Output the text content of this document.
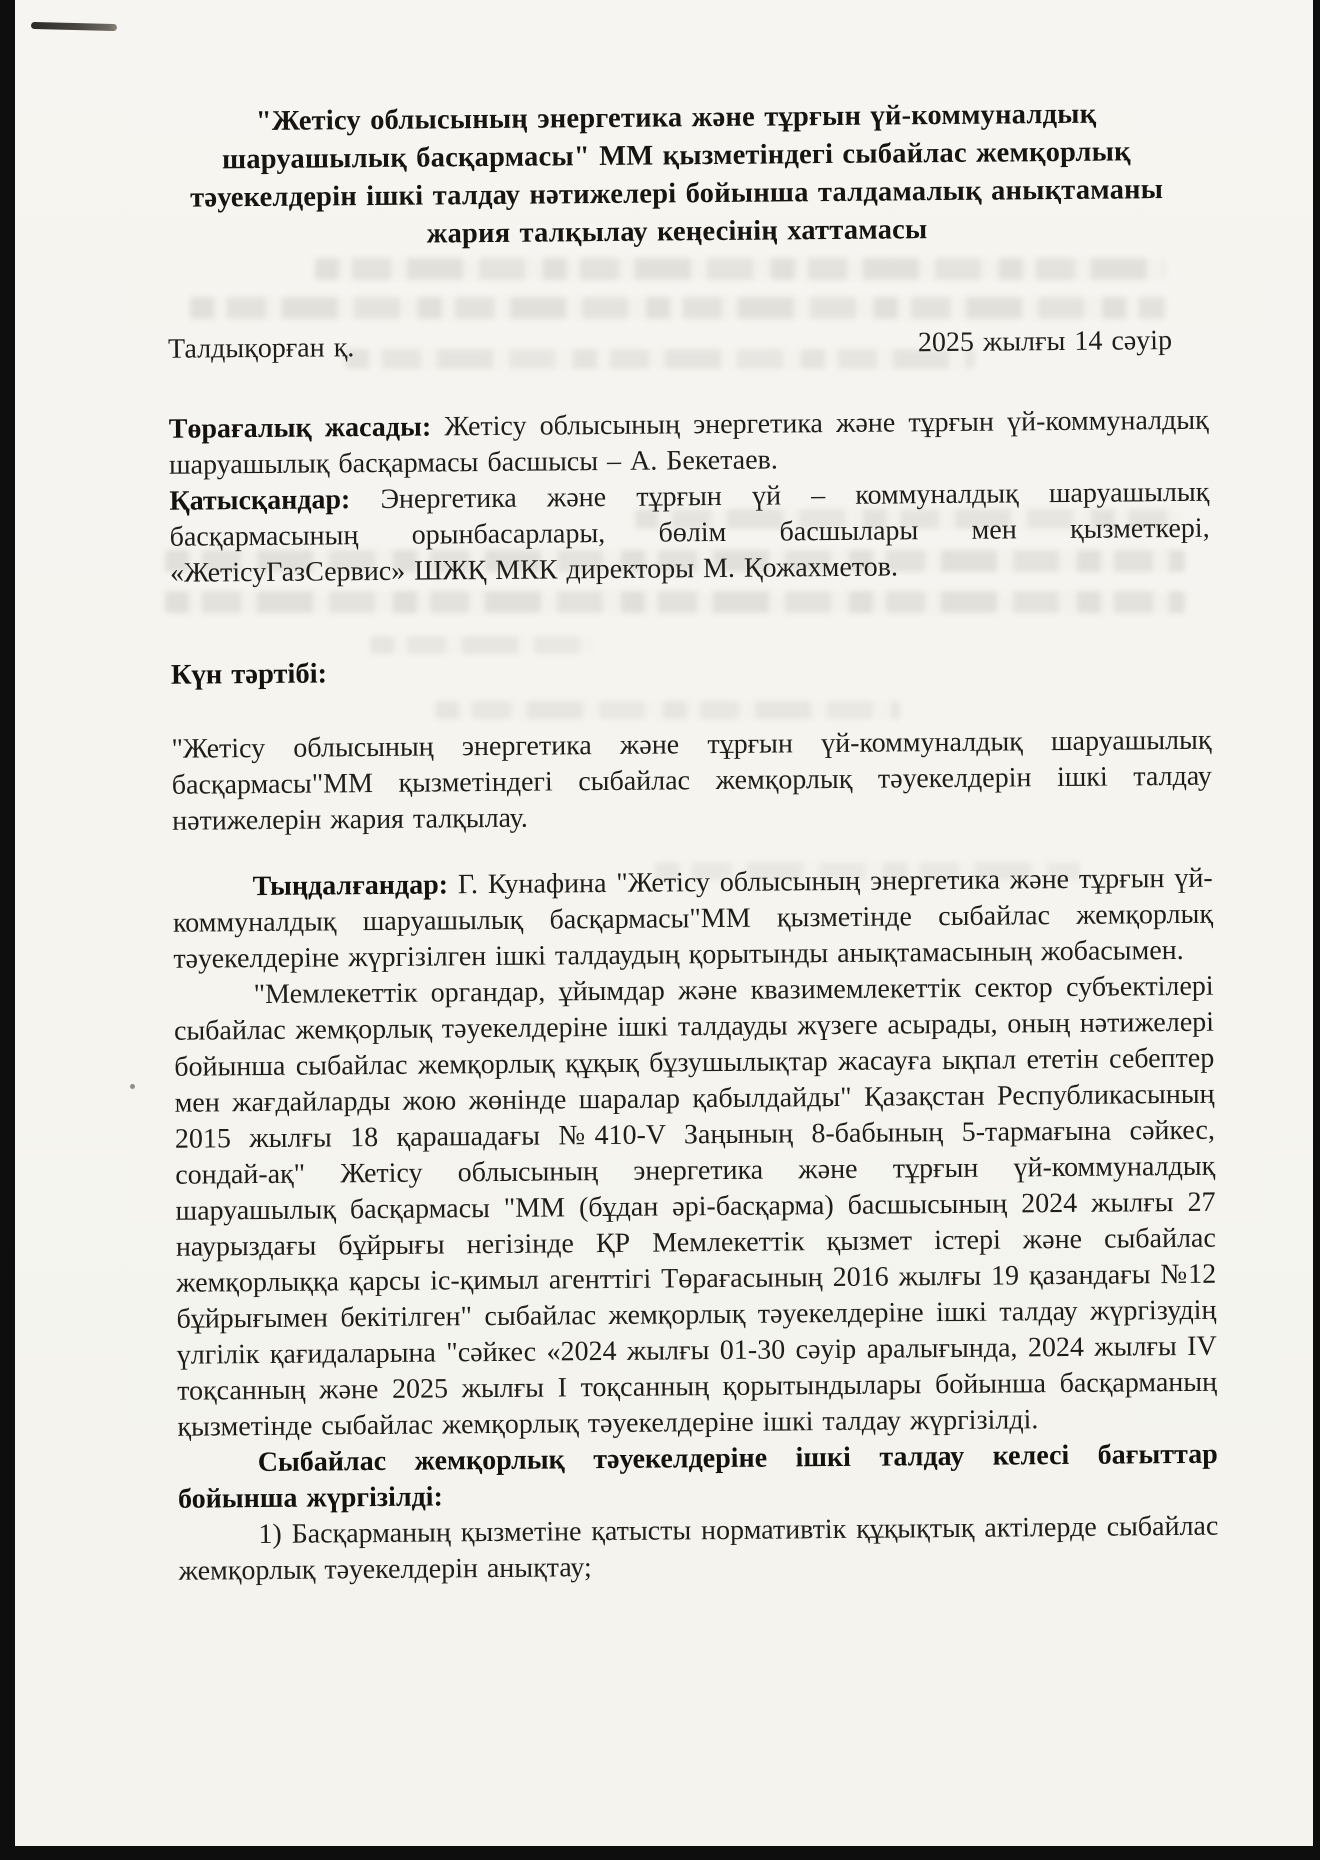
"Жетісу облысының энергетика және тұрғын үй-коммуналдық шаруашылық басқармасы" ММ қызметіндегі сыбайлас жемқорлық тәуекелдерін ішкі талдау нәтижелері бойынша талдамалық анықтаманы жария талқылау кеңесінің хаттамасы
Талдықорған қ.	2025 жылғы 14 сәуір

Төрағалық жасады: Жетісу облысының энергетика және тұрғын үй-коммуналдық шаруашылық басқармасы басшысы – А. Бекетаев.

Қатысқандар: Энергетика және тұрғын үй – коммуналдық шаруашылық басқармасының орынбасарлары, бөлім басшылары мен қызметкері, «ЖетісуГазСервис» ШЖҚ МКК директоры М. Қожахметов.

Күн тәртібі:

"Жетісу облысының энергетика және тұрғын үй-коммуналдық шаруашылық басқармасы"ММ қызметіндегі сыбайлас жемқорлық тәуекелдерін ішкі талдау нәтижелерін жария талқылау.

Тыңдалғандар: Г. Кунафина "Жетісу облысының энергетика және тұрғын үй-коммуналдық шаруашылық басқармасы"ММ қызметінде сыбайлас жемқорлық тәуекелдеріне жүргізілген ішкі талдаудың қорытынды анықтамасының жобасымен.

"Мемлекеттік органдар, ұйымдар және квазимемлекеттік сектор субъектілері сыбайлас жемқорлық тәуекелдеріне ішкі талдауды жүзеге асырады, оның нәтижелері бойынша сыбайлас жемқорлық құқық бұзушылықтар жасауға ықпал ететін себептер мен жағдайларды жою жөнінде шаралар қабылдайды" Қазақстан Республикасының 2015 жылғы 18 қарашадағы №410-V Заңының 8-бабының 5-тармағына сәйкес, сондай-ақ" Жетісу облысының энергетика және тұрғын үй-коммуналдық шаруашылық басқармасы "ММ (бұдан әрі-басқарма) басшысының 2024 жылғы 27 наурыздағы бұйрығы негізінде ҚР Мемлекеттік қызмет істері және сыбайлас жемқорлыққа қарсы іс-қимыл агенттігі Төрағасының 2016 жылғы 19 қазандағы №12 бұйрығымен бекітілген" сыбайлас жемқорлық тәуекелдеріне ішкі талдау жүргізудің үлгілік қағидаларына "сәйкес «2024 жылғы 01-30 сәуір аралығында, 2024 жылғы IV тоқсанның және 2025 жылғы I тоқсанның қорытындылары бойынша басқарманың қызметінде сыбайлас жемқорлық тәуекелдеріне ішкі талдау жүргізілді.

Сыбайлас жемқорлық тәуекелдеріне ішкі талдау келесі бағыттар бойынша жүргізілді:

1) Басқарманың қызметіне қатысты нормативтік құқықтық актілерде сыбайлас жемқорлық тәуекелдерін анықтау;
